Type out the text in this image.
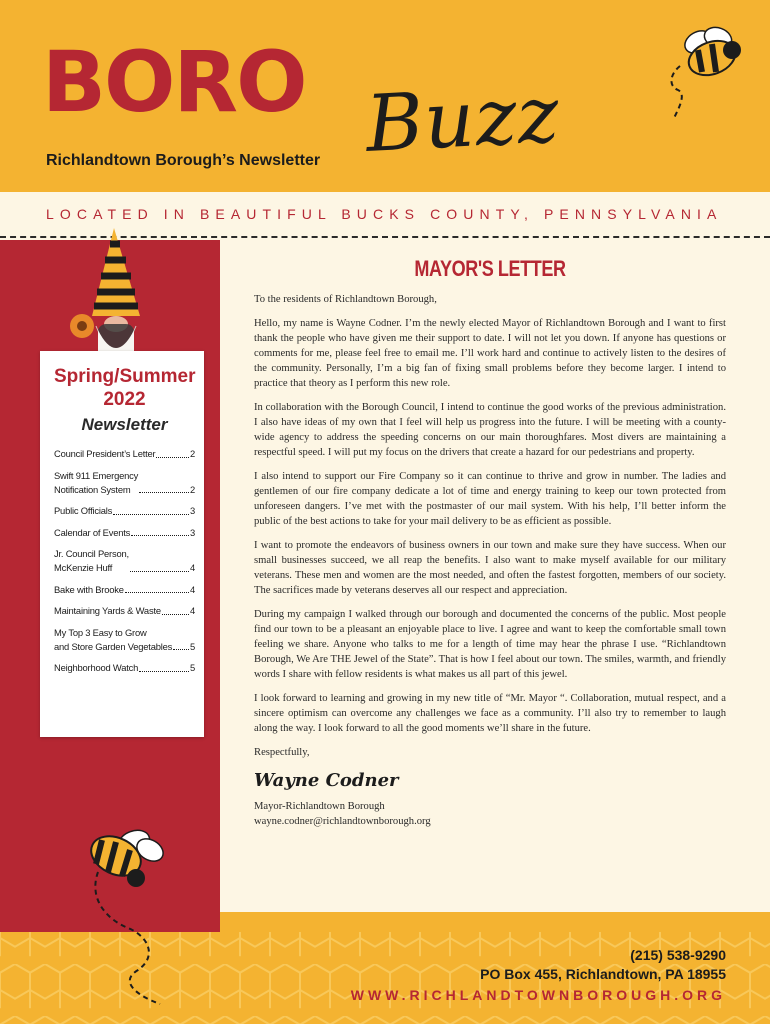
BORO Buzz
Richlandtown Borough’s Newsletter
LOCATED IN BEAUTIFUL BUCKS COUNTY, PENNSYLVANIA
Spring/Summer
2022
Newsletter
Council President’s Letter	2
Swift 911 Emergency
Notification System	2
Public Officials	3
Calendar of Events	3
Jr. Council Person,
McKenzie Huff	4
Bake with Brooke	4
Maintaining Yards & Waste	4
My Top 3 Easy to Grow
and Store Garden Vegetables 5
Neighborhood Watch	5
(215) 538-9290
PO Box 455, Richlandtown, PA 18955
WWW.RICHLANDTOWNBOROUGH.ORG
MAYOR'S LETTER

To the residents of Richlandtown Borough,

Hello, my name is Wayne Codner. I’m the newly elected Mayor of Richlandtown Borough and I want to first thank the people who have given me their support to date. I will not let you down. If anyone has questions or comments for me, please feel free to email me. I’ll work hard and continue to actively listen to the desires of the community. Personally, I’m a big fan of fixing small problems before they become larger. I intend to practice that theory as I perform this new role.

In collaboration with the Borough Council, I intend to continue the good works of the previous administration. I also have ideas of my own that I feel will help us progress into the future. I will be meeting with a county-wide agency to address the speeding concerns on our main thoroughfares. Most divers are maintaining a respectful speed. I will put my focus on the drivers that create a hazard for our pedestrians and property.

I also intend to support our Fire Company so it can continue to thrive and grow in number. The ladies and gentlemen of our fire company dedicate a lot of time and energy training to keep our town protected from unforeseen dangers. I’ve met with the postmaster of our mail system. With his help, I’ll better inform the public of the best actions to take for your mail delivery to be as efficient as possible.

I want to promote the endeavors of business owners in our town and make sure they have success. When our small businesses succeed, we all reap the benefits. I also want to make myself available for our military veterans. These men and women are the most needed, and often the fastest forgotten, members of our society. The sacrifices made by veterans deserves all our respect and appreciation.

During my campaign I walked through our borough and documented the concerns of the public. Most people find our town to be a pleasant an enjoyable place to live. I agree and want to keep the comfortable small town feeling we share. Anyone who talks to me for a length of time may hear the phrase I use. “Richlandtown Borough, We Are THE Jewel of the State”. That is how I feel about our town. The smiles, warmth, and friendly words I share with fellow residents is what makes us all part of this jewel.

I look forward to learning and growing in my new title of “Mr. Mayor “. Collaboration, mutual respect, and a sincere optimism can overcome any challenges we face as a community. I’ll also try to remember to laugh along the way. I look forward to all the good moments we’ll share in the future.

Respectfully,

Wayne Codner

Mayor-Richlandtown Borough

wayne.codner@richlandtownborough.org
